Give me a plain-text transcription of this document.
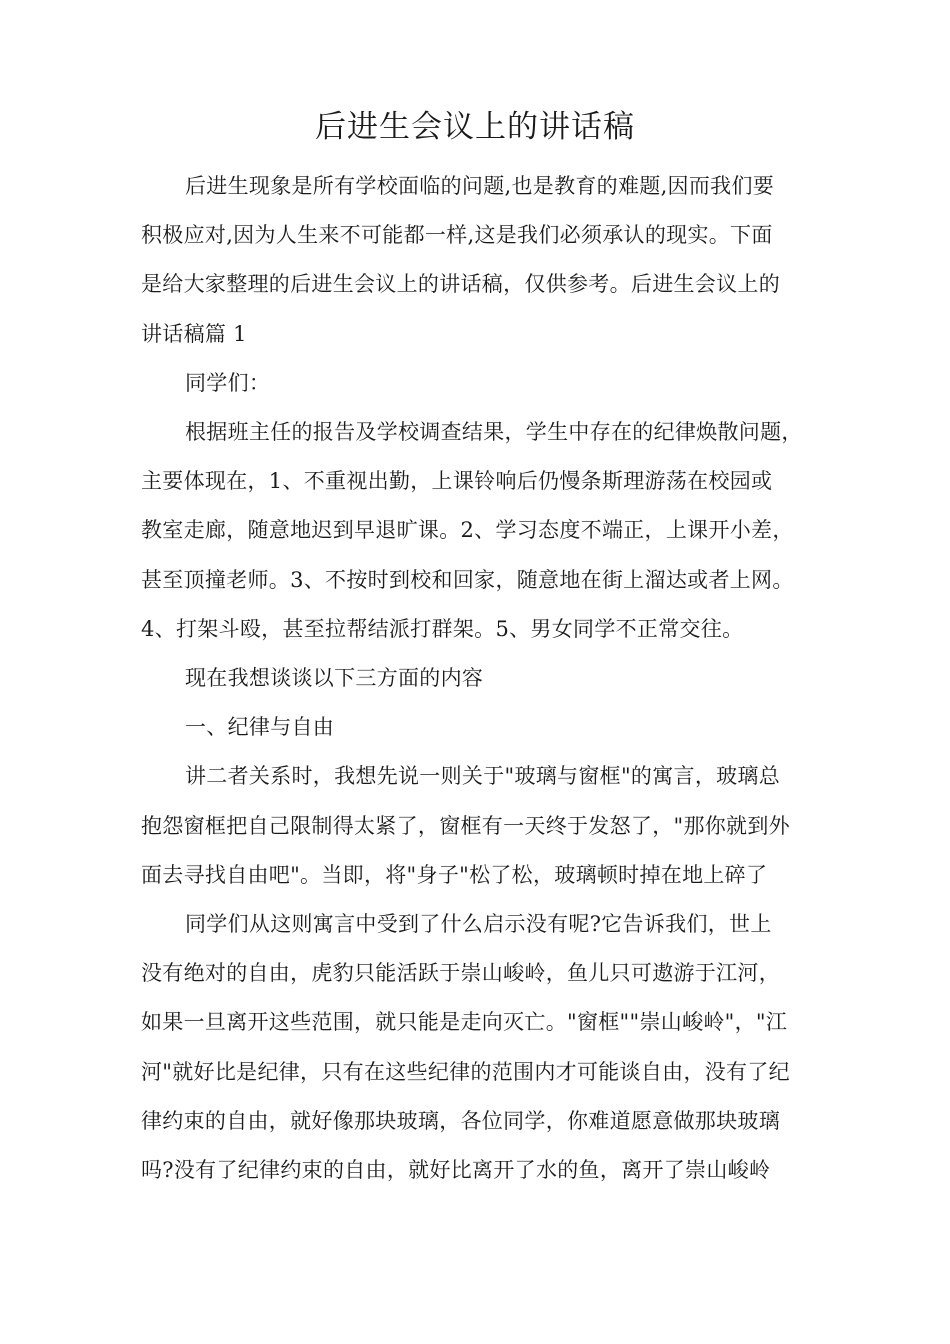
后进生会议上的讲话稿
后进生现象是所有学校面临的问题,也是教育的难题,因而我们要
积极应对,因为人生来不可能都一样,这是我们必须承认的现实。下面
是给大家整理的后进生会议上的讲话稿，仅供参考。后进生会议上的
讲话稿篇 1
同学们：
根据班主任的报告及学校调查结果，学生中存在的纪律焕散问题，
主要体现在，1、不重视出勤，上课铃响后仍慢条斯理游荡在校园或
教室走廊，随意地迟到早退旷课。2、学习态度不端正，上课开小差，
甚至顶撞老师。3、不按时到校和回家，随意地在街上溜达或者上网。
4、打架斗殴，甚至拉帮结派打群架。5、男女同学不正常交往。
现在我想谈谈以下三方面的内容
一、纪律与自由
讲二者关系时，我想先说一则关于"玻璃与窗框"的寓言，玻璃总
抱怨窗框把自己限制得太紧了，窗框有一天终于发怒了，"那你就到外
面去寻找自由吧"。当即，将"身子"松了松，玻璃顿时掉在地上碎了
同学们从这则寓言中受到了什么启示没有呢?它告诉我们，世上
没有绝对的自由，虎豹只能活跃于崇山峻岭，鱼儿只可遨游于江河，
如果一旦离开这些范围，就只能是走向灭亡。"窗框""崇山峻岭"，"江
河"就好比是纪律，只有在这些纪律的范围内才可能谈自由，没有了纪
律约束的自由，就好像那块玻璃，各位同学，你难道愿意做那块玻璃
吗?没有了纪律约束的自由，就好比离开了水的鱼，离开了崇山峻岭
